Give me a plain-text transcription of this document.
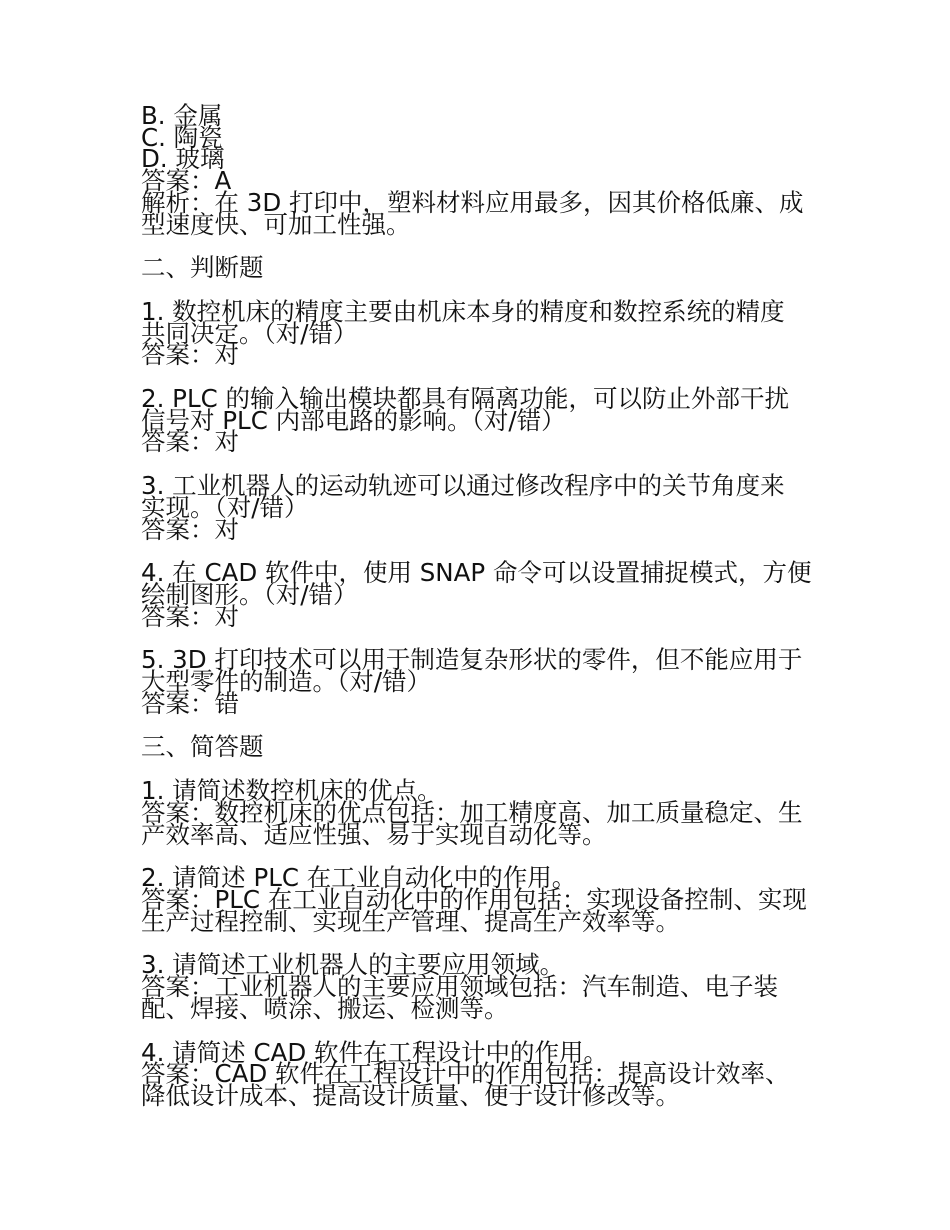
B. 金属
C. 陶瓷
D. 玻璃
答案：A
解析：在 3D 打印中，塑料材料应用最多，因其价格低廉、成
型速度快、可加工性强。
二、判断题
1. 数控机床的精度主要由机床本身的精度和数控系统的精度
共同决定。（对/错）
答案：对
2. PLC 的输入输出模块都具有隔离功能，可以防止外部干扰
信号对 PLC 内部电路的影响。（对/错）
答案：对
3. 工业机器人的运动轨迹可以通过修改程序中的关节角度来
实现。（对/错）
答案：对
4. 在 CAD 软件中，使用 SNAP 命令可以设置捕捉模式，方便
绘制图形。（对/错）
答案：对
5. 3D 打印技术可以用于制造复杂形状的零件，但不能应用于
大型零件的制造。（对/错）
答案：错
三、简答题
1. 请简述数控机床的优点。
答案：数控机床的优点包括：加工精度高、加工质量稳定、生
产效率高、适应性强、易于实现自动化等。
2. 请简述 PLC 在工业自动化中的作用。
答案：PLC 在工业自动化中的作用包括：实现设备控制、实现
生产过程控制、实现生产管理、提高生产效率等。
3. 请简述工业机器人的主要应用领域。
答案：工业机器人的主要应用领域包括：汽车制造、电子装
配、焊接、喷涂、搬运、检测等。
4. 请简述 CAD 软件在工程设计中的作用。
答案：CAD 软件在工程设计中的作用包括：提高设计效率、
降低设计成本、提高设计质量、便于设计修改等。
